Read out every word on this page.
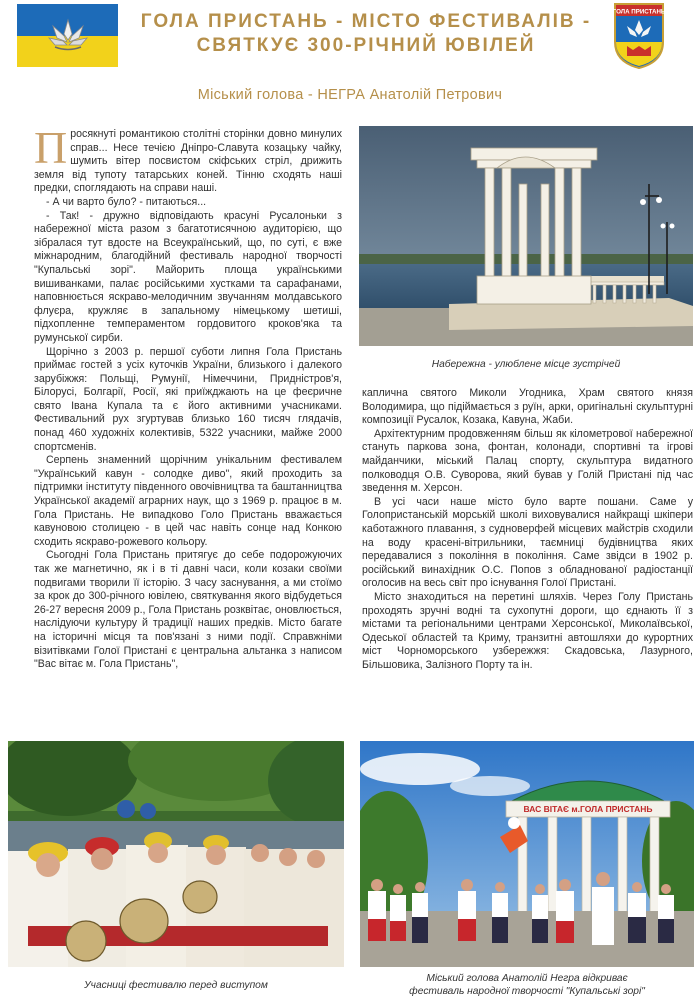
ГОЛА ПРИСТАНЬ - МІСТО ФЕСТИВАЛІВ -
СВЯТКУЄ 300-РІЧНИЙ ЮВІЛЕЙ
ГОЛА ПРИСТАНЬ
Міський голова - НЕГРА Анатолій Петрович

Просякнуті романтикою столітні сторінки довно минулих справ... Несе течією Дніпро-Славута козацьку чайку, шумить вітер посвистом скіфських стріл, дрижить земля від тупоту татарських коней. Тінню сходять наші предки, споглядають на справи наші.

- А чи варто було? - питаються...

- Так! - дружно відповідають красуні Русалоньки з набережної міста разом з багатотисячною аудиторією, що зібралася тут вдосте на Всеукраїнський, що, по суті, є вже міжнародним, благодійний фестиваль народної творчості "Купальські зорі". Майорить площа українськими вишиванками, палає російськими хустками та сарафанами, наповнюється яскраво-мелодичним звучанням молдавського флуєра, кружляє в запальному німецькому шетиші, підхопленне темпераментом гордовитого кроков'яка та румунської сирби.

Щорічно з 2003 р. першої суботи липня Гола Пристань приймає гостей з усіх куточків України, близького і далекого зарубіжжя: Польщі, Румунії, Німеччини, Придністров'я, Білорусі, Болгарії, Росії, які приїжджають на це феєричне свято Івана Купала та є його активними учасниками. Фестивальний рух згуртував близько 160 тисяч глядачів, понад 460 художніх колективів, 5322 учасники, майже 2000 спортсменів.

Серпень знаменний щорічним унікальним фестивалем "Український кавун - солодке диво", який проходить за підтримки інституту південного овочівництва та баштанництва Української академії аграрних наук, що з 1969 р. працює в м. Гола Пристань. Не випадково Голо Пристань вважається кавуновою столицею - в цей час навіть сонце над Конкою сходить яскраво-рожевого кольору.

Сьогодні Гола Пристань притягує до себе подорожуючих так же магнетично, як і в ті давні часи, коли козаки своїми подвигами творили її історію. З часу заснування, а ми стоїмо за крок до 300-річного ювілею, святкування якого відбудеться 26-27 вересня 2009 р., Гола Пристань розквітає, оновлюється, наслідуючи культуру й традиції наших предків. Місто багате на історичні місця та пов'язані з ними події. Справжніми візитівками Голої Пристані є центральна альтанка з написом "Вас вітає м. Гола Пристань",

Набережна - улюблене місце зустрічей

каплична святого Миколи Угодника, Храм святого князя Володимира, що підіймається з руїн, арки, оригінальні скульптурні композиції Русалок, Козака, Кавуна, Жаби.

Архітектурним продовженням більш як кілометрової набережної стануть паркова зона, фонтан, колонади, спортивні та ігрові майданчики, міський Палац спорту, скульптура видатного полководця О.В. Суворова, який бував у Голій Пристані під час зведення м. Херсон.

В усі часи наше місто було варте пошани. Саме у Голопристанській морській школі виховувалися найкращі шкіпери каботажного плавання, з судноверфей місцевих майстрів сходили на воду красені-вітрильники, таємниці будівництва яких передавалися з покоління в покоління. Саме звідси в 1902 р. російський винахідник О.С. Попов з обладнованої радіостанції оголосив на весь світ про існування Голої Пристані.

Місто знаходиться на перетині шляхів. Через Голу Пристань проходять зручні водні та сухопутні дороги, що єднають її з містами та регіональними центрами Херсонської, Миколаївської, Одеської областей та Криму, транзитні автошляхи до курортних міст Чорноморського узбережжя: Скадовська, Лазурного, Більшовика, Залізного Порту та ін.

Учасниці фестивалю перед виступом
ВАС ВІТАЄ м.ГОЛА ПРИСТАНЬ
Міський голова Анатолій Негра відкриває
фестиваль народної творчості "Купальські зорі"
